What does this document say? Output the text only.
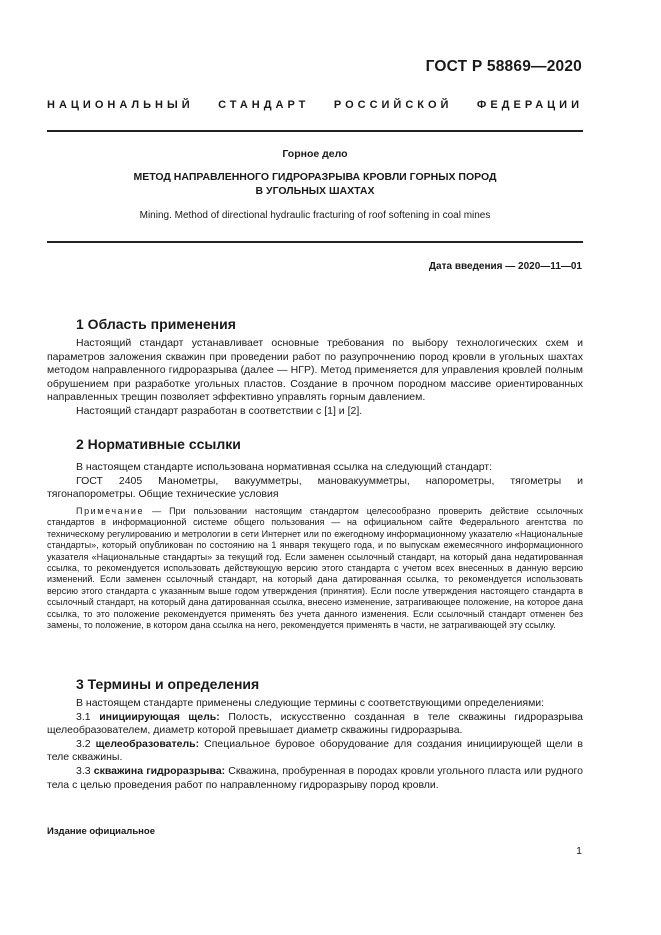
ГОСТ Р 58869—2020
НАЦИОНАЛЬНЫЙ СТАНДАРТ РОССИЙСКОЙ ФЕДЕРАЦИИ
Горное дело
МЕТОД НАПРАВЛЕННОГО ГИДРОРАЗРЫВА КРОВЛИ ГОРНЫХ ПОРОД
В УГОЛЬНЫХ ШАХТАХ
Mining. Method of directional hydraulic fracturing of roof softening in coal mines
Дата введения — 2020—11—01
1 Область применения

Настоящий стандарт устанавливает основные требования по выбору технологических схем и параметров заложения скважин при проведении работ по разупрочнению пород кровли в угольных шахтах методом направленного гидроразрыва (далее — НГР). Метод применяется для управления кровлей полным обрушением при разработке угольных пластов. Создание в прочном породном массиве ориентированных направленных трещин позволяет эффективно управлять горным давлением.

Настоящий стандарт разработан в соответствии с [1] и [2].

2 Нормативные ссылки

В настоящем стандарте использована нормативная ссылка на следующий стандарт:

ГОСТ 2405 Манометры, вакуумметры, мановакуумметры, напорометры, тягометры и тягонапорометры. Общие технические условия

Примечание — При пользовании настоящим стандартом целесообразно проверить действие ссылочных стандартов в информационной системе общего пользования — на официальном сайте Федерального агентства по техническому регулированию и метрологии в сети Интернет или по ежегодному информационному указателю «Национальные стандарты», который опубликован по состоянию на 1 января текущего года, и по выпускам ежемесячного информационного указателя «Национальные стандарты» за текущий год. Если заменен ссылочный стандарт, на который дана недатированная ссылка, то рекомендуется использовать действующую версию этого стандарта с учетом всех внесенных в данную версию изменений. Если заменен ссылочный стандарт, на который дана датированная ссылка, то рекомендуется использовать версию этого стандарта с указанным выше годом утверждения (принятия). Если после утверждения настоящего стандарта в ссылочный стандарт, на который дана датированная ссылка, внесено изменение, затрагивающее положение, на которое дана ссылка, то это положение рекомендуется применять без учета данного изменения. Если ссылочный стандарт отменен без замены, то положение, в котором дана ссылка на него, рекомендуется применять в части, не затрагивающей эту ссылку.

3 Термины и определения

В настоящем стандарте применены следующие термины с соответствующими определениями:

3.1 инициирующая щель: Полость, искусственно созданная в теле скважины гидроразрыва щелеобразователем, диаметр которой превышает диаметр скважины гидроразрыва.

3.2 щелеобразователь: Специальное буровое оборудование для создания инициирующей щели в теле скважины.

3.3 скважина гидроразрыва: Скважина, пробуренная в породах кровли угольного пласта или рудного тела с целью проведения работ по направленному гидроразрыву пород кровли.

Издание официальное
1
